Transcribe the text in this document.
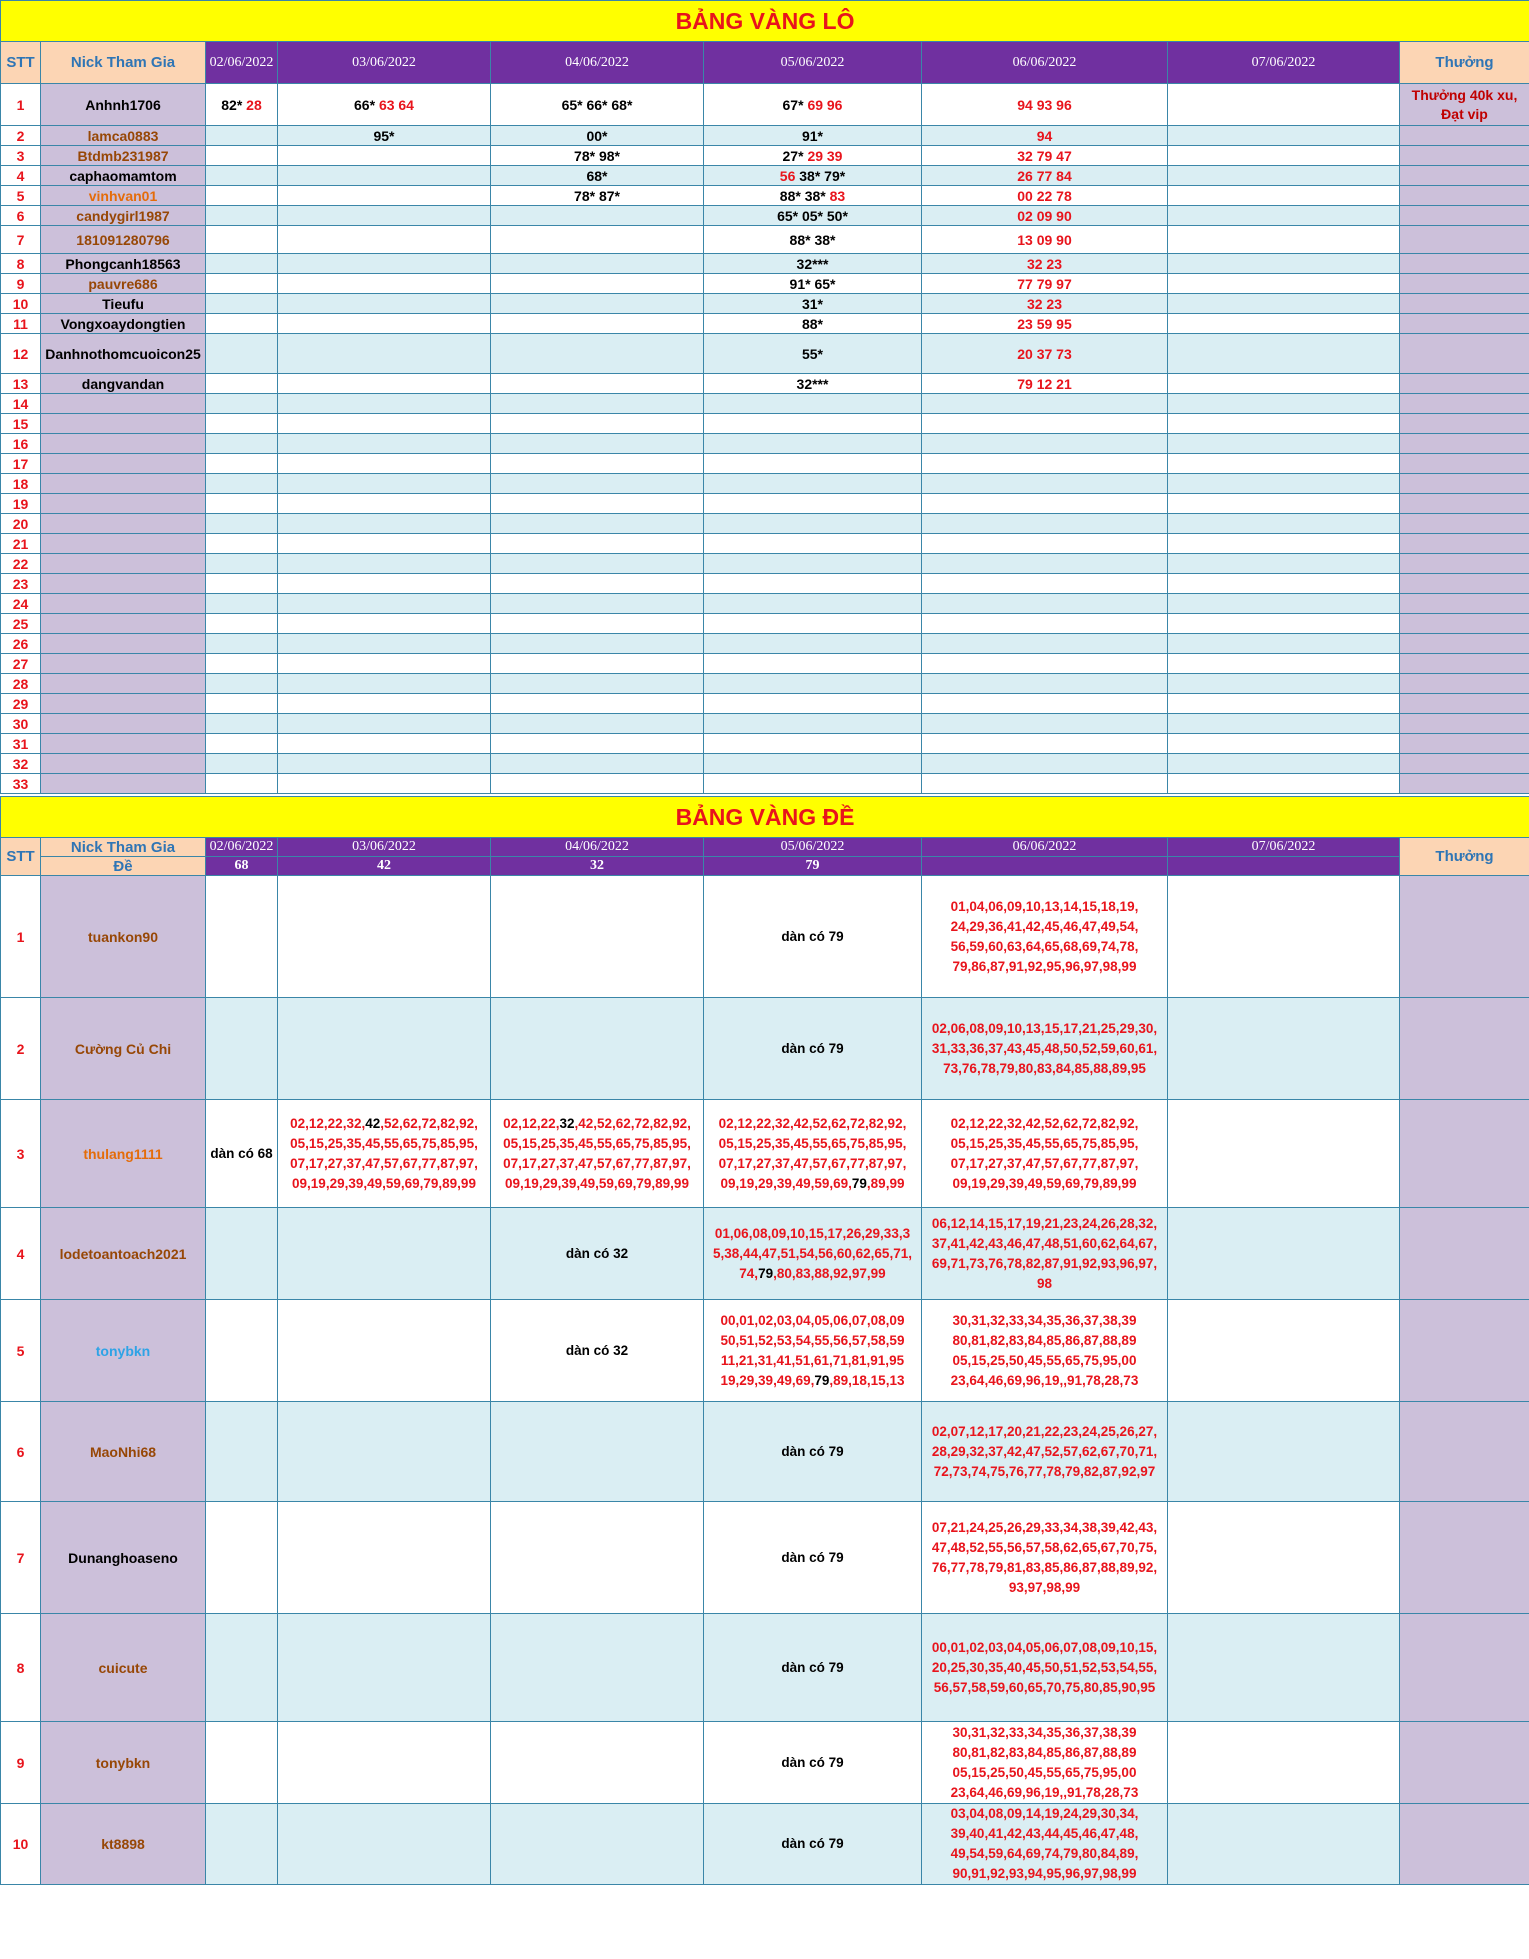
BẢNG VÀNG LÔ								
STT	Nick Tham Gia	02/06/2022	03/06/2022	04/06/2022	05/06/2022	06/06/2022	07/06/2022	Thưởng
1	Anhnh1706	82* 28	66* 63 64	65* 66* 68*	67* 69 96	94 93 96		Thưởng 40k xu, Đạt vip
2	lamca0883		95*	00*	91*	94		
3	Btdmb231987			78* 98*	27* 29 39	32 79 47		
4	caphaomamtom			68*	56 38* 79*	26 77 84		
5	vinhvan01			78* 87*	88* 38* 83	00 22 78		
6	candygirl1987				65* 05* 50*	02 09 90		
7	181091280796				88* 38*	13 09 90		
8	Phongcanh18563				32***	32 23		
9	pauvre686				91* 65*	77 79 97		
10	Tieufu				31*	32 23		
11	Vongxoaydongtien				88*	23 59 95		
12	Danhnothomcuoicon25				55*	20 37 73		
13	dangvandan				32***	79 12 21		
14								
15								
16								
17								
18								
19								
20								
21								
22								
23								
24								
25								
26								
27								
28								
29								
30								
31								
32								
33								
BẢNG VÀNG ĐỀ								
STT	Nick Tham Gia	02/06/2022	03/06/2022	04/06/2022	05/06/2022	06/06/2022	07/06/2022	Thưởng
	Đề	68	42	32	79			
1	tuankon90				dàn có 79	01,04,06,09,10,13,14,15,18,19,
24,29,36,41,42,45,46,47,49,54,
56,59,60,63,64,65,68,69,74,78,
79,86,87,91,92,95,96,97,98,99		
2	Cường Củ Chi				dàn có 79	02,06,08,09,10,13,15,17,21,25,29,30,
31,33,36,37,43,45,48,50,52,59,60,61,
73,76,78,79,80,83,84,85,88,89,95		
3	thulang1111	dàn có 68	02,12,22,32,42,52,62,72,82,92,
05,15,25,35,45,55,65,75,85,95,
07,17,27,37,47,57,67,77,87,97,
09,19,29,39,49,59,69,79,89,99	02,12,22,32,42,52,62,72,82,92,
05,15,25,35,45,55,65,75,85,95,
07,17,27,37,47,57,67,77,87,97,
09,19,29,39,49,59,69,79,89,99	02,12,22,32,42,52,62,72,82,92,
05,15,25,35,45,55,65,75,85,95,
07,17,27,37,47,57,67,77,87,97,
09,19,29,39,49,59,69,79,89,99	02,12,22,32,42,52,62,72,82,92,
05,15,25,35,45,55,65,75,85,95,
07,17,27,37,47,57,67,77,87,97,
09,19,29,39,49,59,69,79,89,99		
4	lodetoantoach2021			dàn có 32	01,06,08,09,10,15,17,26,29,33,3
5,38,44,47,51,54,56,60,62,65,71,
74,79,80,83,88,92,97,99	06,12,14,15,17,19,21,23,24,26,28,32,
37,41,42,43,46,47,48,51,60,62,64,67,
69,71,73,76,78,82,87,91,92,93,96,97,
98		
5	tonybkn			dàn có 32	00,01,02,03,04,05,06,07,08,09
50,51,52,53,54,55,56,57,58,59
11,21,31,41,51,61,71,81,91,95
19,29,39,49,69,79,89,18,15,13	30,31,32,33,34,35,36,37,38,39
80,81,82,83,84,85,86,87,88,89
05,15,25,50,45,55,65,75,95,00
23,64,46,69,96,19,,91,78,28,73		
6	MaoNhi68				dàn có 79	02,07,12,17,20,21,22,23,24,25,26,27,
28,29,32,37,42,47,52,57,62,67,70,71,
72,73,74,75,76,77,78,79,82,87,92,97		
7	Dunanghoaseno				dàn có 79	07,21,24,25,26,29,33,34,38,39,42,43,
47,48,52,55,56,57,58,62,65,67,70,75,
76,77,78,79,81,83,85,86,87,88,89,92,
93,97,98,99		
8	cuicute				dàn có 79	00,01,02,03,04,05,06,07,08,09,10,15,
20,25,30,35,40,45,50,51,52,53,54,55,
56,57,58,59,60,65,70,75,80,85,90,95		
9	tonybkn				dàn có 79	30,31,32,33,34,35,36,37,38,39
80,81,82,83,84,85,86,87,88,89
05,15,25,50,45,55,65,75,95,00
23,64,46,69,96,19,,91,78,28,73		
10	kt8898				dàn có 79	03,04,08,09,14,19,24,29,30,34,
39,40,41,42,43,44,45,46,47,48,
49,54,59,64,69,74,79,80,84,89,
90,91,92,93,94,95,96,97,98,99		
